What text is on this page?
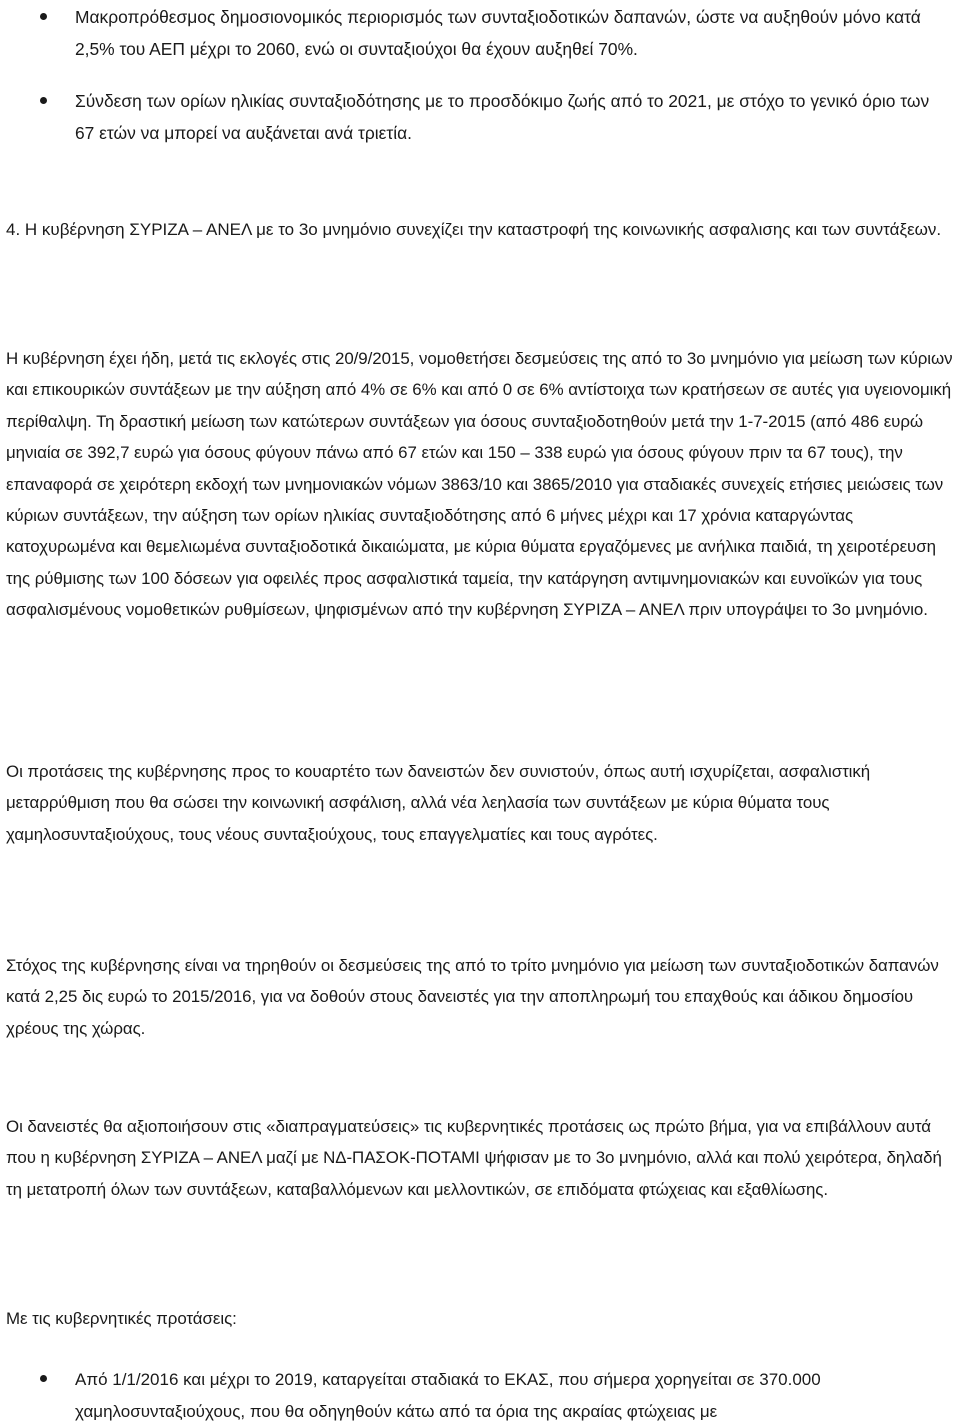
Μακροπρόθεσμος δημοσιονομικός περιορισμός των συνταξιοδοτικών δαπανών, ώστε να αυξηθούν μόνο κατά 2,5% του ΑΕΠ μέχρι το 2060, ενώ οι συνταξιούχοι θα έχουν αυξηθεί 70%.
Σύνδεση των ορίων ηλικίας συνταξιοδότησης με το προσδόκιμο ζωής από το 2021, με στόχο το γενικό όριο των 67 ετών να μπορεί να αυξάνεται ανά τριετία.
4. Η κυβέρνηση ΣΥΡΙΖΑ – ΑΝΕΛ με το 3ο μνημόνιο συνεχίζει την καταστροφή της κοινωνικής ασφαλισης και των συντάξεων.
Η κυβέρνηση έχει ήδη, μετά τις εκλογές στις 20/9/2015, νομοθετήσει δεσμεύσεις της από το 3ο μνημόνιο για μείωση των κύριων και επικουρικών συντάξεων με την αύξηση από 4% σε 6% και από 0 σε 6% αντίστοιχα των κρατήσεων σε αυτές για υγειονομική περίθαλψη. Τη δραστική μείωση των κατώτερων συντάξεων για όσους συνταξιοδοτηθούν μετά την 1-7-2015 (από 486 ευρώ μηνιαία σε 392,7 ευρώ για όσους φύγουν πάνω από 67 ετών και 150 – 338 ευρώ για όσους φύγουν πριν τα 67 τους), την επαναφορά σε χειρότερη εκδοχή των μνημονιακών νόμων 3863/10 και 3865/2010 για σταδιακές συνεχείς ετήσιες μειώσεις των κύριων συντάξεων, την αύξηση των ορίων ηλικίας συνταξιοδότησης από 6 μήνες μέχρι και 17 χρόνια καταργώντας κατοχυρωμένα και θεμελιωμένα συνταξιοδοτικά δικαιώματα, με κύρια θύματα εργαζόμενες με ανήλικα παιδιά, τη χειροτέρευση της ρύθμισης των 100 δόσεων για οφειλές προς ασφαλιστικά ταμεία, την κατάργηση αντιμνημονιακών και ευνοϊκών για τους ασφαλισμένους νομοθετικών ρυθμίσεων, ψηφισμένων από την κυβέρνηση ΣΥΡΙΖΑ – ΑΝΕΛ πριν υπογράψει το 3ο μνημόνιο.
Οι προτάσεις της κυβέρνησης προς το κουαρτέτο των δανειστών δεν συνιστούν, όπως αυτή ισχυρίζεται, ασφαλιστική μεταρρύθμιση που θα σώσει την κοινωνική ασφάλιση, αλλά νέα λεηλασία των συντάξεων με κύρια θύματα τους χαμηλοσυνταξιούχους, τους νέους συνταξιούχους, τους επαγγελματίες και τους αγρότες.
Στόχος της κυβέρνησης είναι να τηρηθούν οι δεσμεύσεις της από το τρίτο μνημόνιο για μείωση των συνταξιοδοτικών δαπανών κατά 2,25 δις ευρώ το 2015/2016, για να δοθούν στους δανειστές για την αποπληρωμή του επαχθούς και άδικου δημοσίου χρέους της χώρας.
Οι δανειστές θα αξιοποιήσουν στις «διαπραγματεύσεις» τις κυβερνητικές προτάσεις ως πρώτο βήμα, για να επιβάλλουν αυτά που η κυβέρνηση ΣΥΡΙΖΑ – ΑΝΕΛ μαζί με ΝΔ-ΠΑΣΟΚ-ΠΟΤΑΜΙ ψήφισαν με το 3ο μνημόνιο, αλλά και πολύ χειρότερα, δηλαδή τη μετατροπή όλων των συντάξεων, καταβαλλόμενων και μελλοντικών, σε επιδόματα φτώχειας και εξαθλίωσης.
Με τις κυβερνητικές προτάσεις:
Από 1/1/2016 και μέχρι το 2019, καταργείται σταδιακά το ΕΚΑΣ, που σήμερα χορηγείται σε 370.000 χαμηλοσυνταξιούχους, που θα οδηγηθούν κάτω από τα όρια της ακραίας φτώχειας με
